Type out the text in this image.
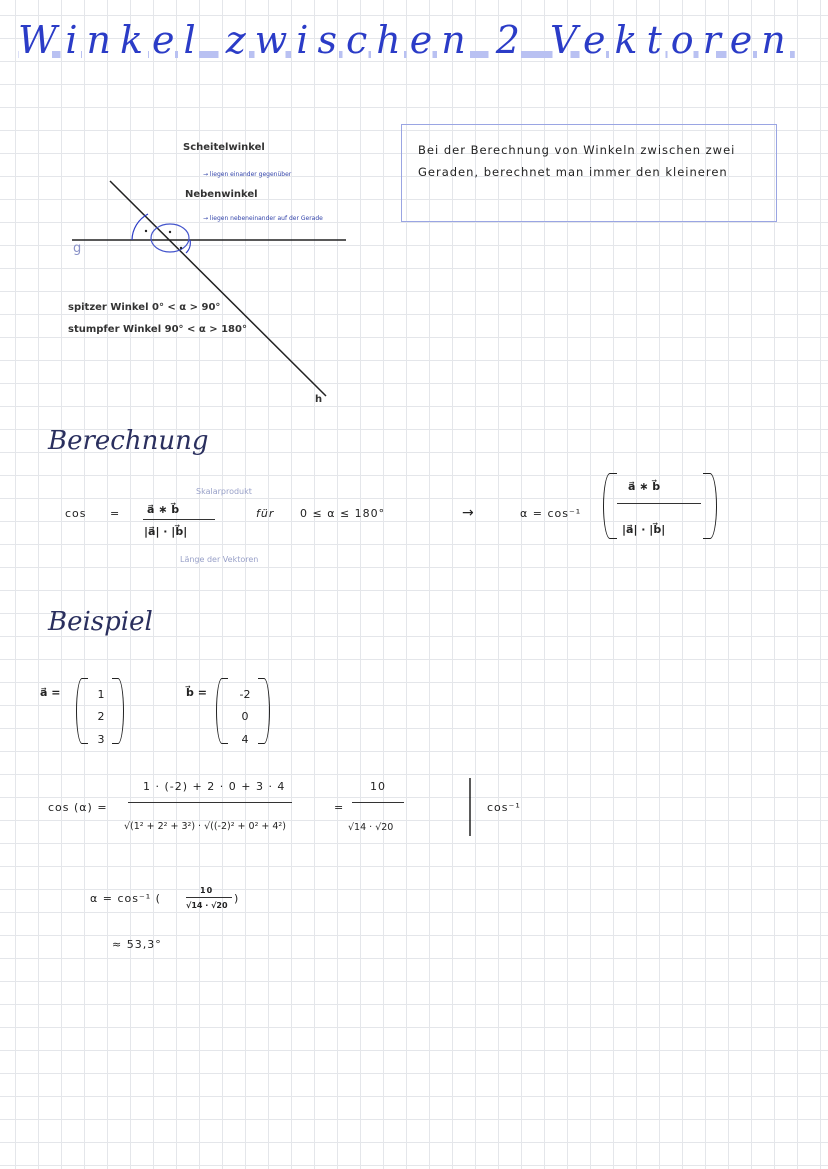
Winkel zwischen 2 Vektoren
Scheitelwinkel
→ liegen einander gegenüber
Nebenwinkel
→ liegen nebeneinander auf der Gerade
g
h
spitzer Winkel 0° < α > 90°
stumpfer Winkel 90° < α > 180°
Bei der Berechnung von Winkeln zwischen zwei Geraden, berechnet man immer den kleineren
Berechnung
cos =
Skalarprodukt
a⃗ ∗ b⃗
|a⃗| · |b⃗|
Länge der Vektoren
für 0 ≤ α ≤ 180°	→	α = cos⁻¹
a⃗ ∗ b⃗
|a⃗| · |b⃗|
Beispiel
a⃗ =	1
2
3
b⃗ =	-2
0
4
cos (α) =
1 · (-2) + 2 · 0 + 3 · 4
√(1² + 2² + 3²) · √((-2)² + 0² + 4²)
=
10
√14 · √20
cos⁻¹
α = cos⁻¹ (
10
√14 · √20
)
≈ 53,3°
